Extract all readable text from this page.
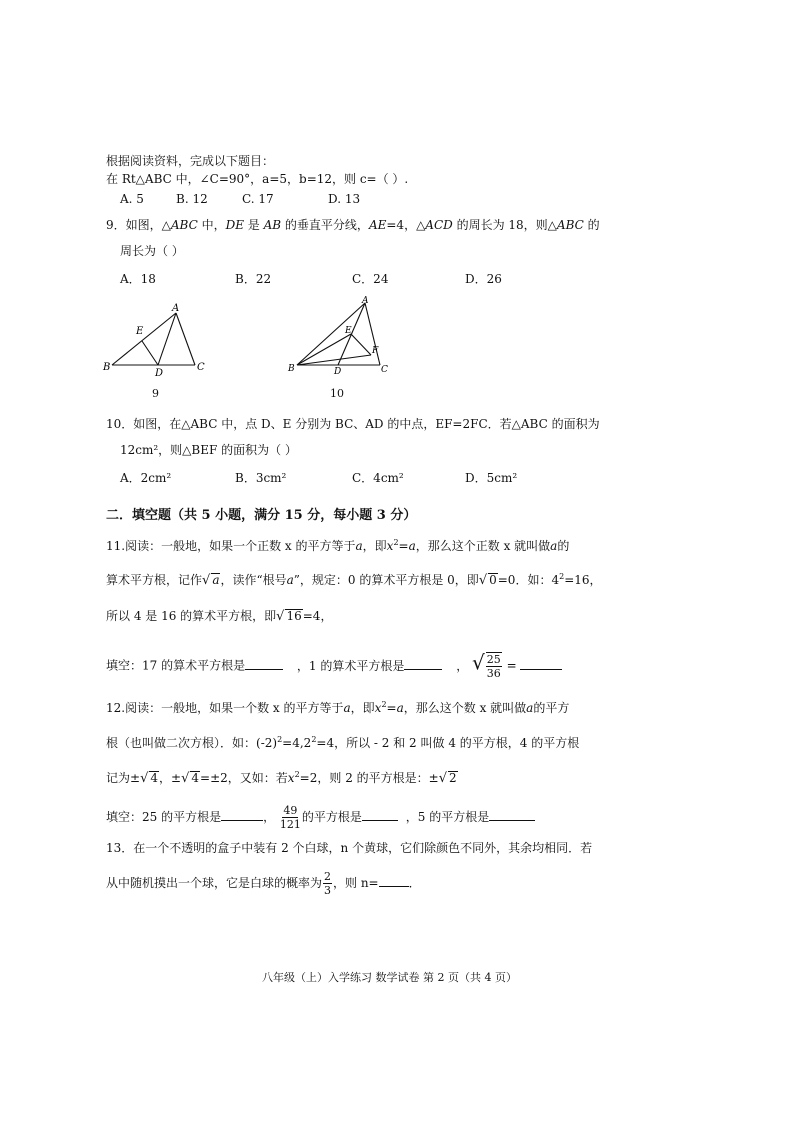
根据阅读资料，完成以下题目：
在 Rt△ABC 中，∠C=90°，a=5，b=12，则 c=（ ）.
A. 5	B. 12	C. 17	D. 13
9．如图，△ABC 中，DE 是 AB 的垂直平分线，AE=4，△ACD 的周长为 18，则△ABC 的
周长为（ ）
A．18	B．22	C．24	D．26
A
B	C
D
E
9
A
B	C
D
E
F
10
10．如图，在△ABC 中，点 D、E 分别为 BC、AD 的中点，EF=2FC．若△ABC 的面积为
12cm²，则△BEF 的面积为（ ）
A．2cm²	B．3cm²	C．4cm²	D．5cm²
二．填空题（共 5 小题，满分 15 分，每小题 3 分）
11.阅读：一般地，如果一个正数 x 的平方等于a，即$x^2=a$，那么这个正数 x 就叫做a的
算术平方根，记作√ a，读作“根号a”，规定：0 的算术平方根是 0，即√ 0=0．如：$4^2=16$，
所以 4 是 16 的算术平方根，即√ 16=4，
填空：17 的算术平方根是	，1 的算术平方根是	， √ $\frac{25}{36}$ =
12.阅读：一般地，如果一个数 x 的平方等于a，即$x^2=a$，那么这个数 x 就叫做a的平方
根（也叫做二次方根）．如：$(-2)^2=4,2^2=4$，所以 - 2 和 2 叫做 4 的平方根，4 的平方根
记为±√ 4，±√ 4=±2，又如：若$x^2=2$，则 2 的平方根是：±√ 2
填空：25 的平方根是	， $\frac{49}{121}$ 的平方根是	，5 的平方根是
13．在一个不透明的盒子中装有 2 个白球，n 个黄球，它们除颜色不同外，其余均相同．若
从中随机摸出一个球，它是白球的概率为 $\frac{2}{3}$ ，则 n=	．
八年级（上）入学练习 数学试卷 第 2 页（共 4 页）
